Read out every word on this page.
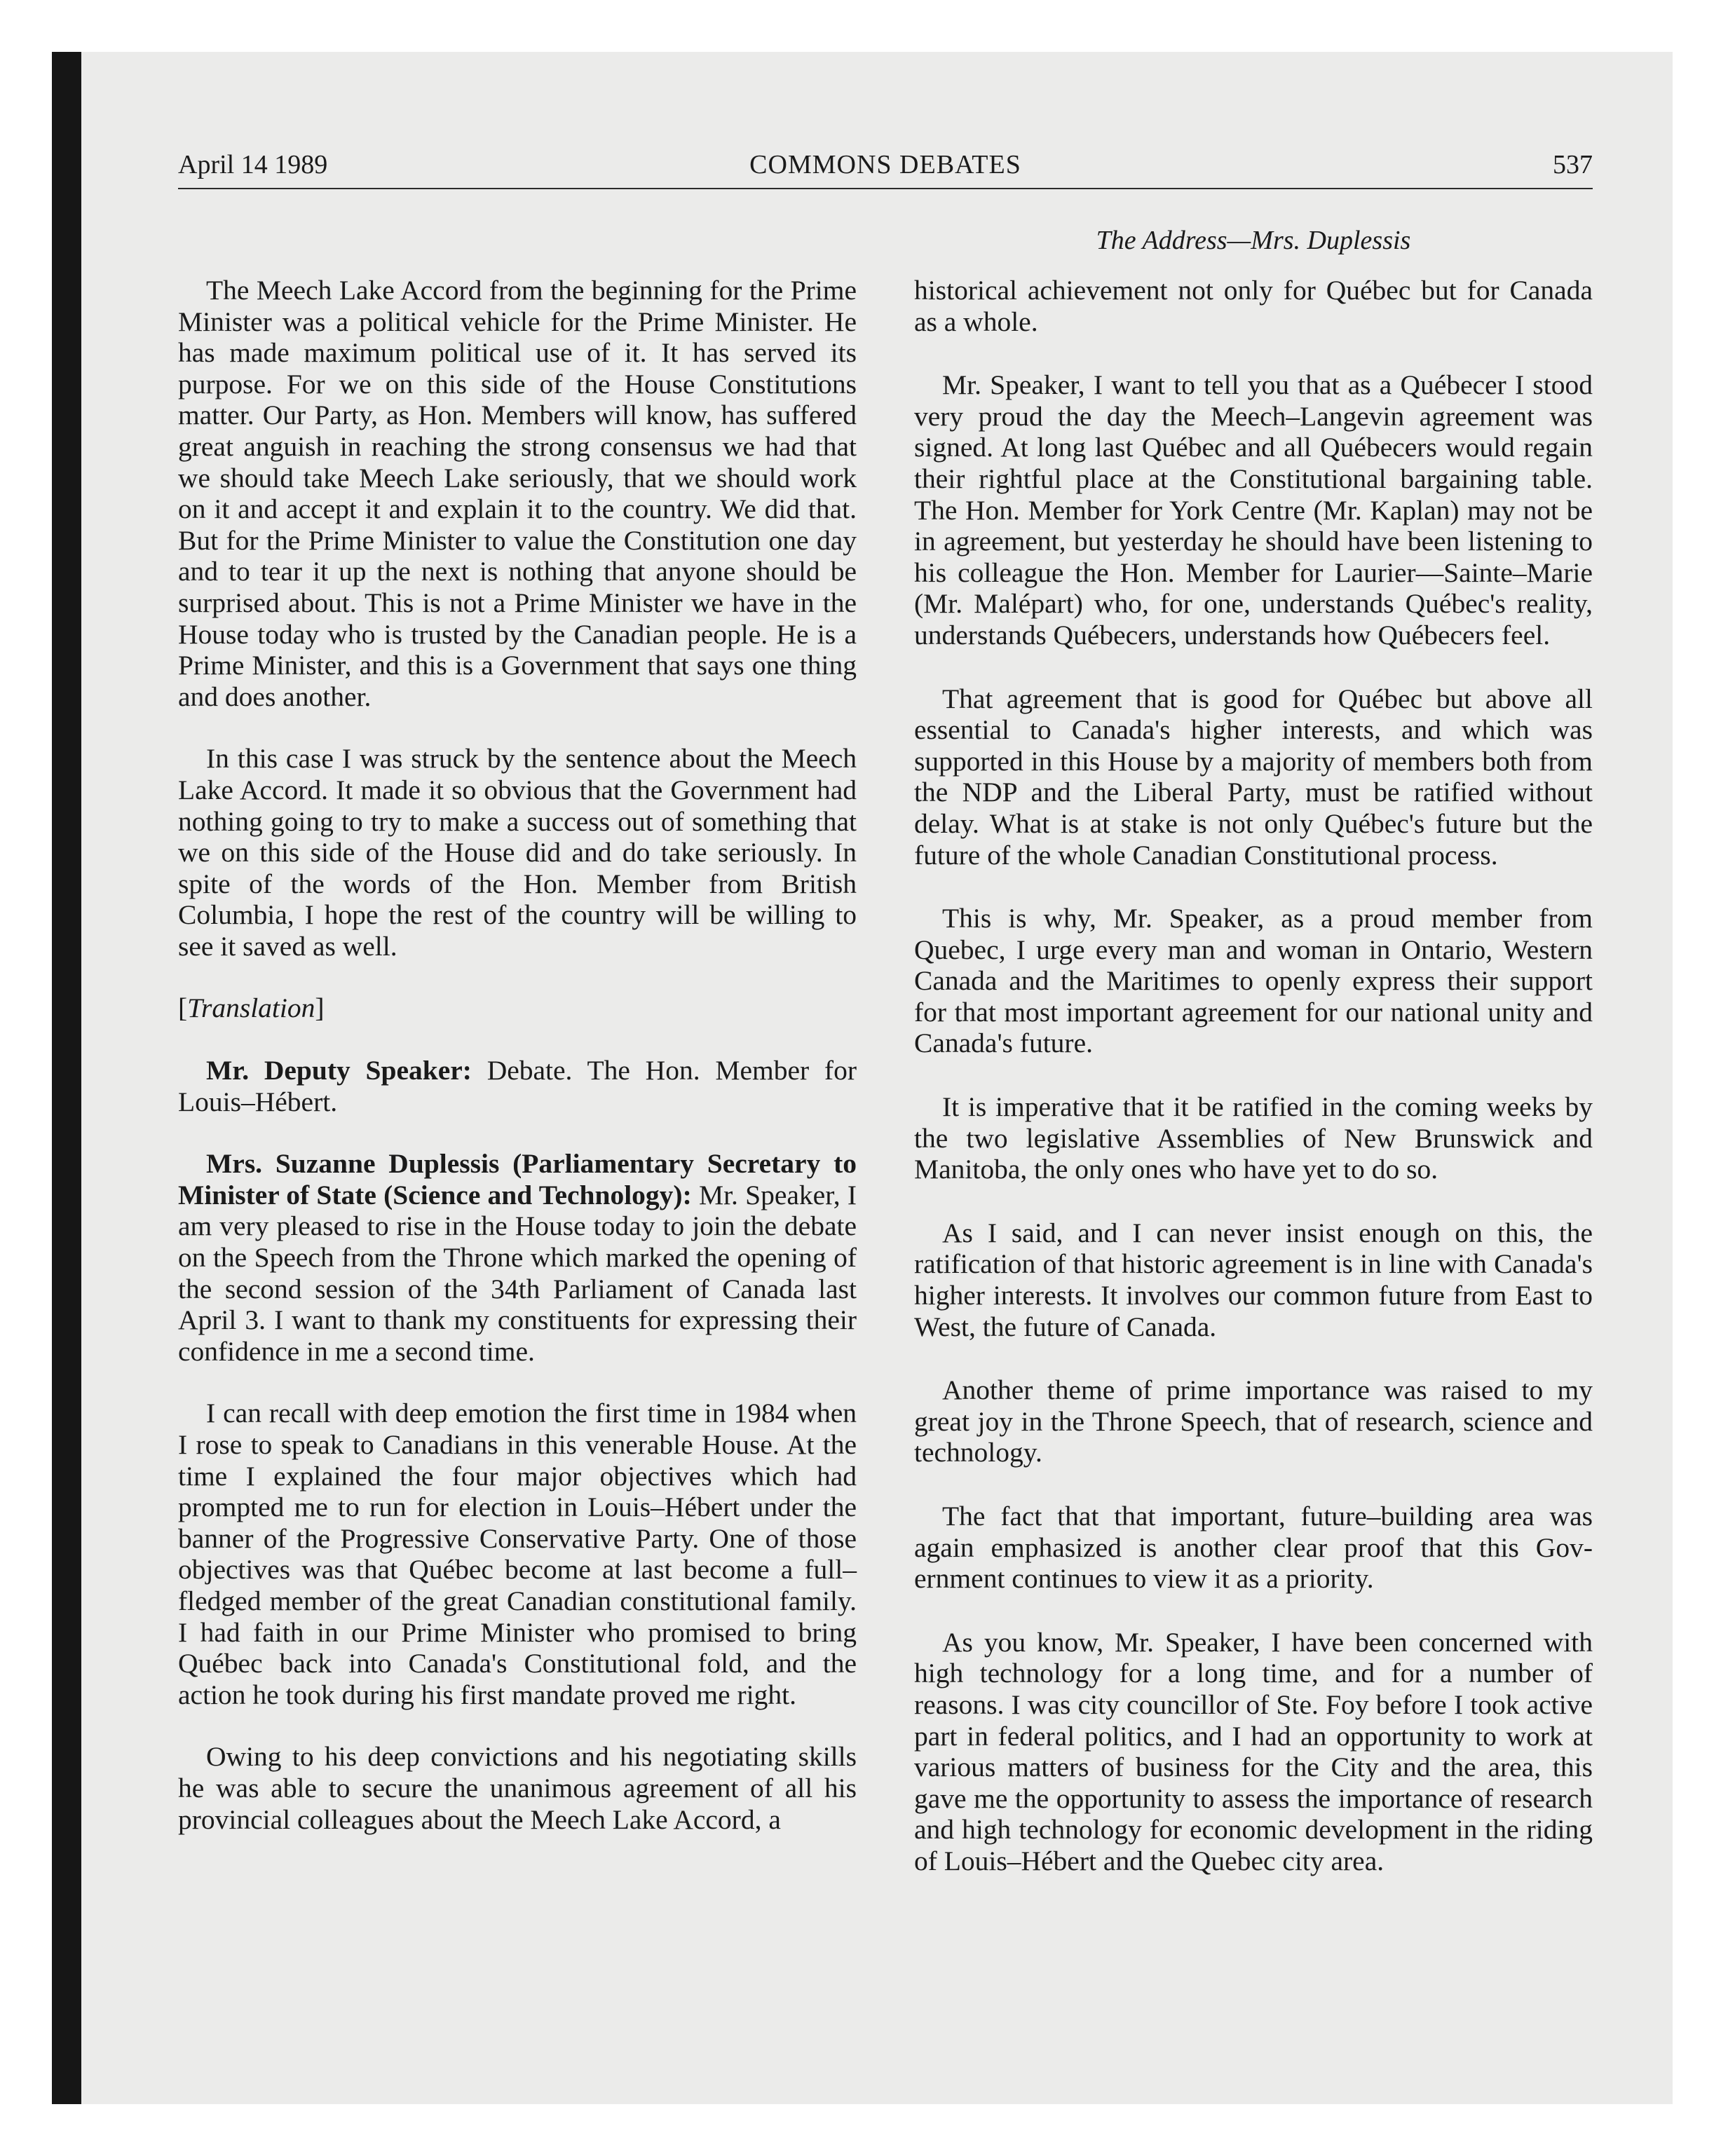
April 14 1989	COMMONS DEBATES	537
The Address—Mrs. Duplessis

The Meech Lake Accord from the beginning for the Prime Minister was a political vehicle for the Prime Minister. He has made maximum political use of it. It has served its purpose. For we on this side of the House Constitutions matter. Our Party, as Hon. Members will know, has suffered great anguish in reaching the strong consensus we had that we should take Meech Lake seriously, that we should work on it and accept it and explain it to the country. We did that. But for the Prime Minister to value the Constitution one day and to tear it up the next is nothing that anyone should be surprised about. This is not a Prime Minister we have in the House today who is trusted by the Canadian people. He is a Prime Minister, and this is a Government that says one thing and does another.

In this case I was struck by the sentence about the Meech Lake Accord. It made it so obvious that the Government had nothing going to try to make a success out of something that we on this side of the House did and do take seriously. In spite of the words of the Hon. Member from British Columbia, I hope the rest of the country will be willing to see it saved as well.

[Translation]

Mr. Deputy Speaker: Debate. The Hon. Member for Louis–Hébert.

Mrs. Suzanne Duplessis (Parliamentary Secretary to Minister of State (Science and Technology): Mr. Speaker, I am very pleased to rise in the House today to join the debate on the Speech from the Throne which marked the opening of the second session of the 34th Parliament of Canada last April 3. I want to thank my constituents for expressing their confidence in me a second time.

I can recall with deep emotion the first time in 1984 when I rose to speak to Canadians in this venerable House. At the time I explained the four major objectives which had prompted me to run for election in Louis–Hébert under the banner of the Progressive Conservative Party. One of those objectives was that Québec become at last become a full–fledged member of the great Canadian constitutional family. I had faith in our Prime Minister who promised to bring Québec back into Canada's Constitutional fold, and the action he took during his first mandate proved me right.

Owing to his deep convictions and his negotiating skills he was able to secure the unanimous agreement of all his provincial colleagues about the Meech Lake Accord, a

historical achievement not only for Québec but for Canada as a whole.

Mr. Speaker, I want to tell you that as a Québecer I stood very proud the day the Meech–Langevin agreement was signed. At long last Québec and all Québecers would regain their rightful place at the Constitutional bargaining table. The Hon. Member for York Centre (Mr. Kaplan) may not be in agreement, but yesterday he should have been listening to his colleague the Hon. Member for Laurier—Sainte–Marie (Mr. Malépart) who, for one, understands Québec's reality, understands Québecers, understands how Québecers feel.

That agreement that is good for Québec but above all essential to Canada's higher interests, and which was supported in this House by a majority of members both from the NDP and the Liberal Party, must be ratified without delay. What is at stake is not only Québec's future but the future of the whole Canadian Constitutional process.

This is why, Mr. Speaker, as a proud member from Quebec, I urge every man and woman in Ontario, Western Canada and the Maritimes to openly express their support for that most important agreement for our national unity and Canada's future.

It is imperative that it be ratified in the coming weeks by the two legislative Assemblies of New Brunswick and Manitoba, the only ones who have yet to do so.

As I said, and I can never insist enough on this, the ratification of that historic agreement is in line with Canada's higher interests. It involves our common future from East to West, the future of Canada.

Another theme of prime importance was raised to my great joy in the Throne Speech, that of research, science and technology.

The fact that that important, future–building area was again emphasized is another clear proof that this Government continues to view it as a priority.

As you know, Mr. Speaker, I have been concerned with high technology for a long time, and for a number of reasons. I was city councillor of Ste. Foy before I took active part in federal politics, and I had an opportunity to work at various matters of business for the City and the area, this gave me the opportunity to assess the importance of research and high technology for economic development in the riding of Louis–Hébert and the Quebec city area.
